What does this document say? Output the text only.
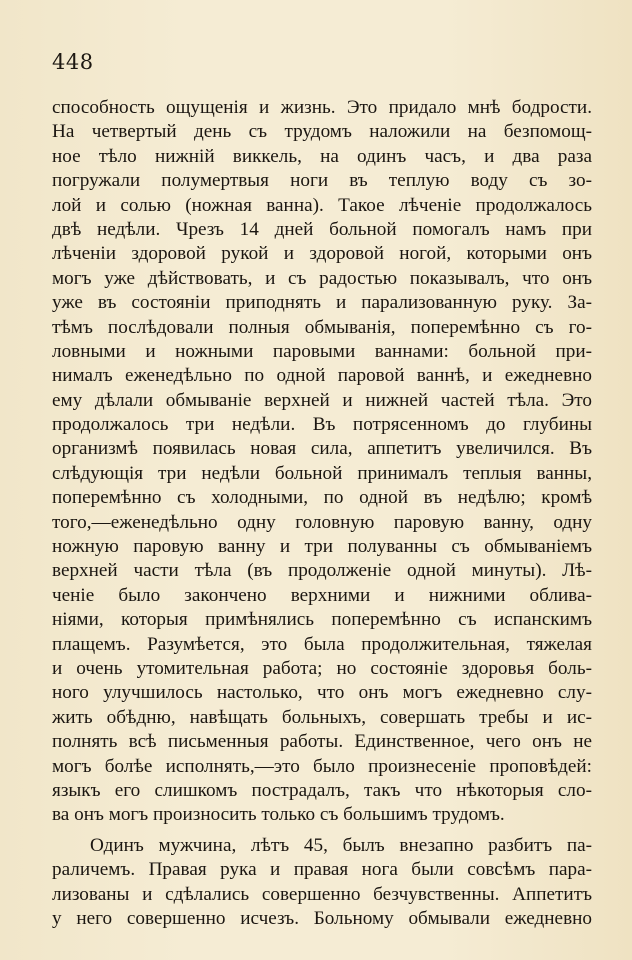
448
способность ощущенія и жизнь. Это придало мнѣ бодрости.
На четвертый день съ трудомъ наложили на безпомощ-
ное тѣло нижній виккель, на одинъ часъ, и два раза
погружали полумертвыя ноги въ теплую воду съ зо-
лой и солью (ножная ванна). Такое лѣченіе продолжалось
двѣ недѣли. Чрезъ 14 дней больной помогалъ намъ при
лѣченіи здоровой рукой и здоровой ногой, которыми онъ
могъ уже дѣйствовать, и съ радостью показывалъ, что онъ
уже въ состояніи приподнять и парализованную руку. За-
тѣмъ послѣдовали полныя обмыванія, поперемѣнно съ го-
ловными и ножными паровыми ваннами: больной при-
нималъ еженедѣльно по одной паровой ваннѣ, и ежедневно
ему дѣлали обмываніе верхней и нижней частей тѣла. Это
продолжалось три недѣли. Въ потрясенномъ до глубины
организмѣ появилась новая сила, аппетитъ увеличился. Въ
слѣдующія три недѣли больной принималъ теплыя ванны,
поперемѣнно съ холодными, по одной въ недѣлю; кромѣ
того,—еженедѣльно одну головную паровую ванну, одну
ножную паровую ванну и три полуванны съ обмываніемъ
верхней части тѣла (въ продолженіе одной минуты). Лѣ-
ченіе было закончено верхними и нижними облива-
ніями, которыя примѣнялись поперемѣнно съ испанскимъ
плащемъ. Разумѣется, это была продолжительная, тяжелая
и очень утомительная работа; но состояніе здоровья боль-
ного улучшилось настолько, что онъ могъ ежедневно слу-
жить обѣдню, навѣщать больныхъ, совершать требы и ис-
полнять всѣ письменныя работы. Единственное, чего онъ не
могъ болѣе исполнять,—это было произнесеніе проповѣдей:
языкъ его слишкомъ пострадалъ, такъ что нѣкоторыя сло-
ва онъ могъ произносить только съ большимъ трудомъ.
Одинъ мужчина, лѣтъ 45, былъ внезапно разбитъ па-
раличемъ. Правая рука и правая нога были совсѣмъ пара-
лизованы и сдѣлались совершенно безчувственны. Аппетитъ
у него совершенно исчезъ. Больному обмывали ежедневно
